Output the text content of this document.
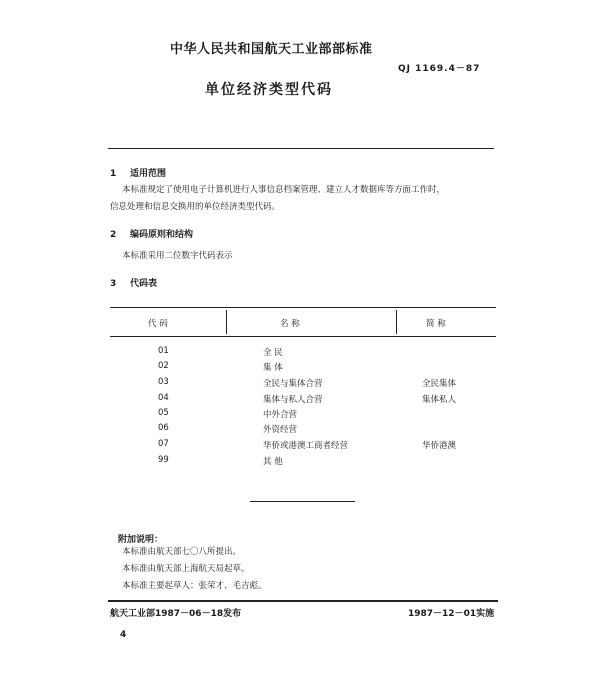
中华人民共和国航天工业部部标准
QJ 1169.4－87
单位经济类型代码
1 适用范围
本标准规定了使用电子计算机进行人事信息档案管理、建立人才数据库等方面工作时，
信息处理和信息交换用的单位经济类型代码。
2 编码原则和结构
本标准采用二位数字代码表示
3 代码表
代 码	名 称	简 称
01	全 民
02	集 体
03	全民与集体合营	全民集体
04	集体与私人合营	集体私人
05	中外合营
06	外资经营
07	华侨或港澳工商者经营	华侨港澳
99	其 他
附加说明：
本标准由航天部七〇八所提出。
本标准由航天部上海航天局起草。
本标准主要起草人：张荣才、毛吉彪。
航天工业部1987－06－18发布	1987－12－01实施
4
